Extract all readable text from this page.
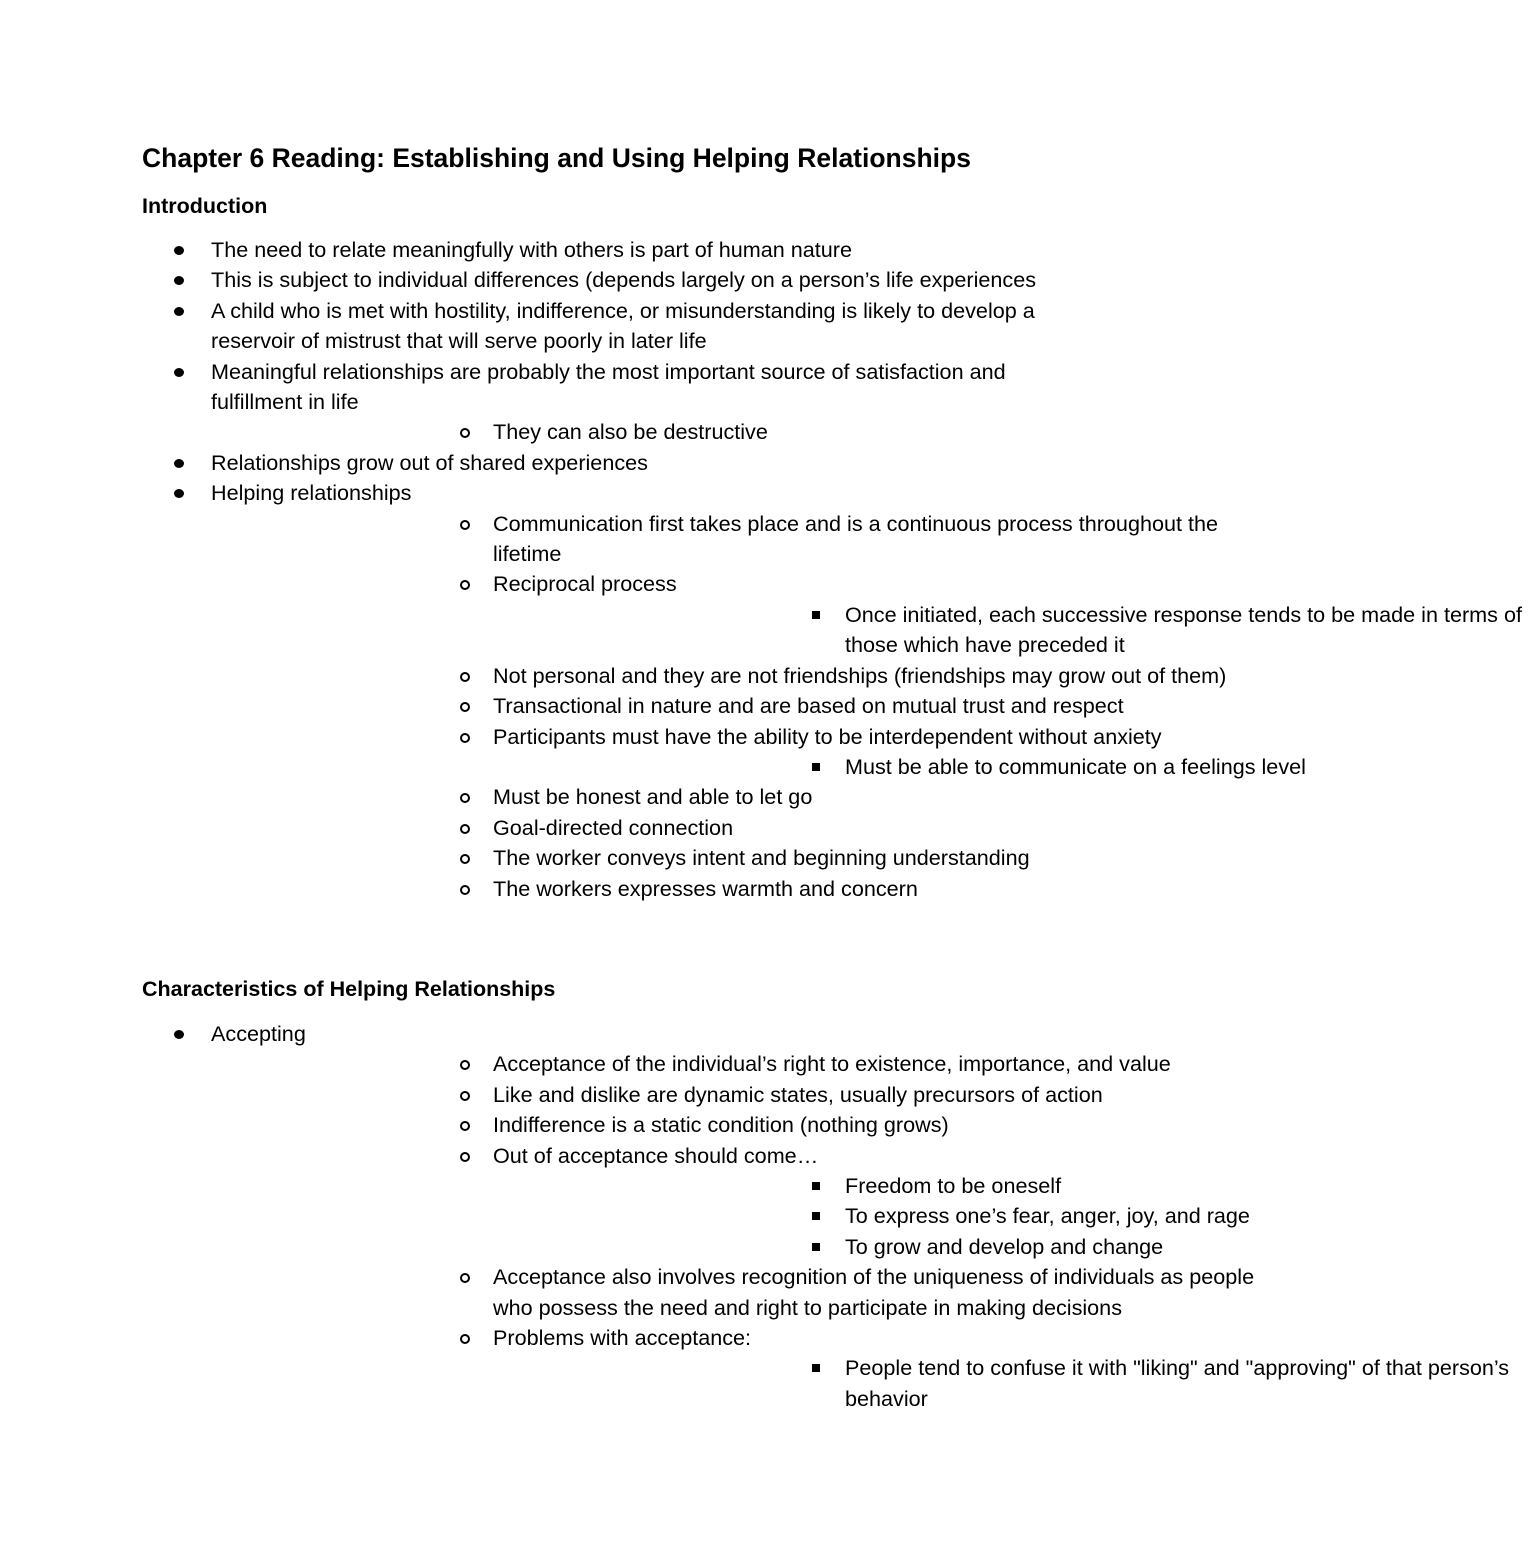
Chapter 6 Reading: Establishing and Using Helping Relationships
Introduction
The need to relate meaningfully with others is part of human nature
This is subject to individual differences (depends largely on a person’s life experiences
A child who is met with hostility, indifference, or misunderstanding is likely to develop a reservoir of mistrust that will serve poorly in later life
Meaningful relationships are probably the most important source of satisfaction and fulfillment in life
They can also be destructive
Relationships grow out of shared experiences
Helping relationships
Communication first takes place and is a continuous process throughout the lifetime
Reciprocal process
Once initiated, each successive response tends to be made in terms of those which have preceded it
Not personal and they are not friendships (friendships may grow out of them)
Transactional in nature and are based on mutual trust and respect
Participants must have the ability to be interdependent without anxiety
Must be able to communicate on a feelings level
Must be honest and able to let go
Goal-directed connection
The worker conveys intent and beginning understanding
The workers expresses warmth and concern
Characteristics of Helping Relationships
Accepting
Acceptance of the individual’s right to existence, importance, and value
Like and dislike are dynamic states, usually precursors of action
Indifference is a static condition (nothing grows)
Out of acceptance should come…
Freedom to be oneself
To express one’s fear, anger, joy, and rage
To grow and develop and change
Acceptance also involves recognition of the uniqueness of individuals as people who possess the need and right to participate in making decisions
Problems with acceptance:
People tend to confuse it with "liking" and "approving" of that person’s behavior
